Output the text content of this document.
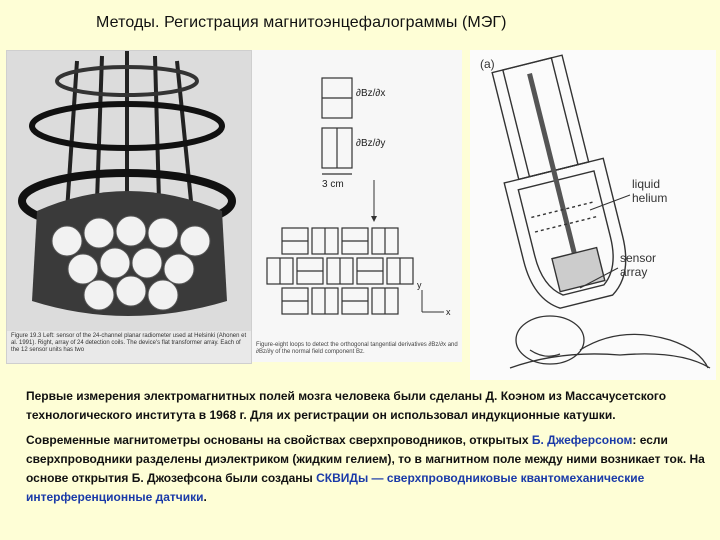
Методы. Регистрация магнитоэнцефалограммы (МЭГ)
Figure 19.3 Left: sensor of the 24-channel planar radiometer used at Helsinki (Ahonen et al. 1991). Right, array of 24 detection coils. The device's flat transformer array. Each of the 12 sensor units has two
∂Bz/∂x
∂Bz/∂y
3 cm
y
x
Figure-eight loops to detect the orthogonal tangential derivatives ∂Bz/∂x and ∂Bz/∂y of the normal field component Bz.
(a)
liquid
helium
sensor
array

Первые измерения электромагнитных полей мозга человека были сделаны Д. Коэном из Массачусетского технологического института в 1968 г. Для их регистрации он использовал индукционные катушки.

Современные магнитометры основаны на свойствах сверхпроводников, открытых Б. Джеферсоном: если сверхпроводники разделены диэлектриком (жидким гелием), то в магнитном поле между ними возникает ток. На основе открытия Б. Джозефсона были созданы СКВИДы — сверхпроводниковые квантомеханические интерференционные датчики.
